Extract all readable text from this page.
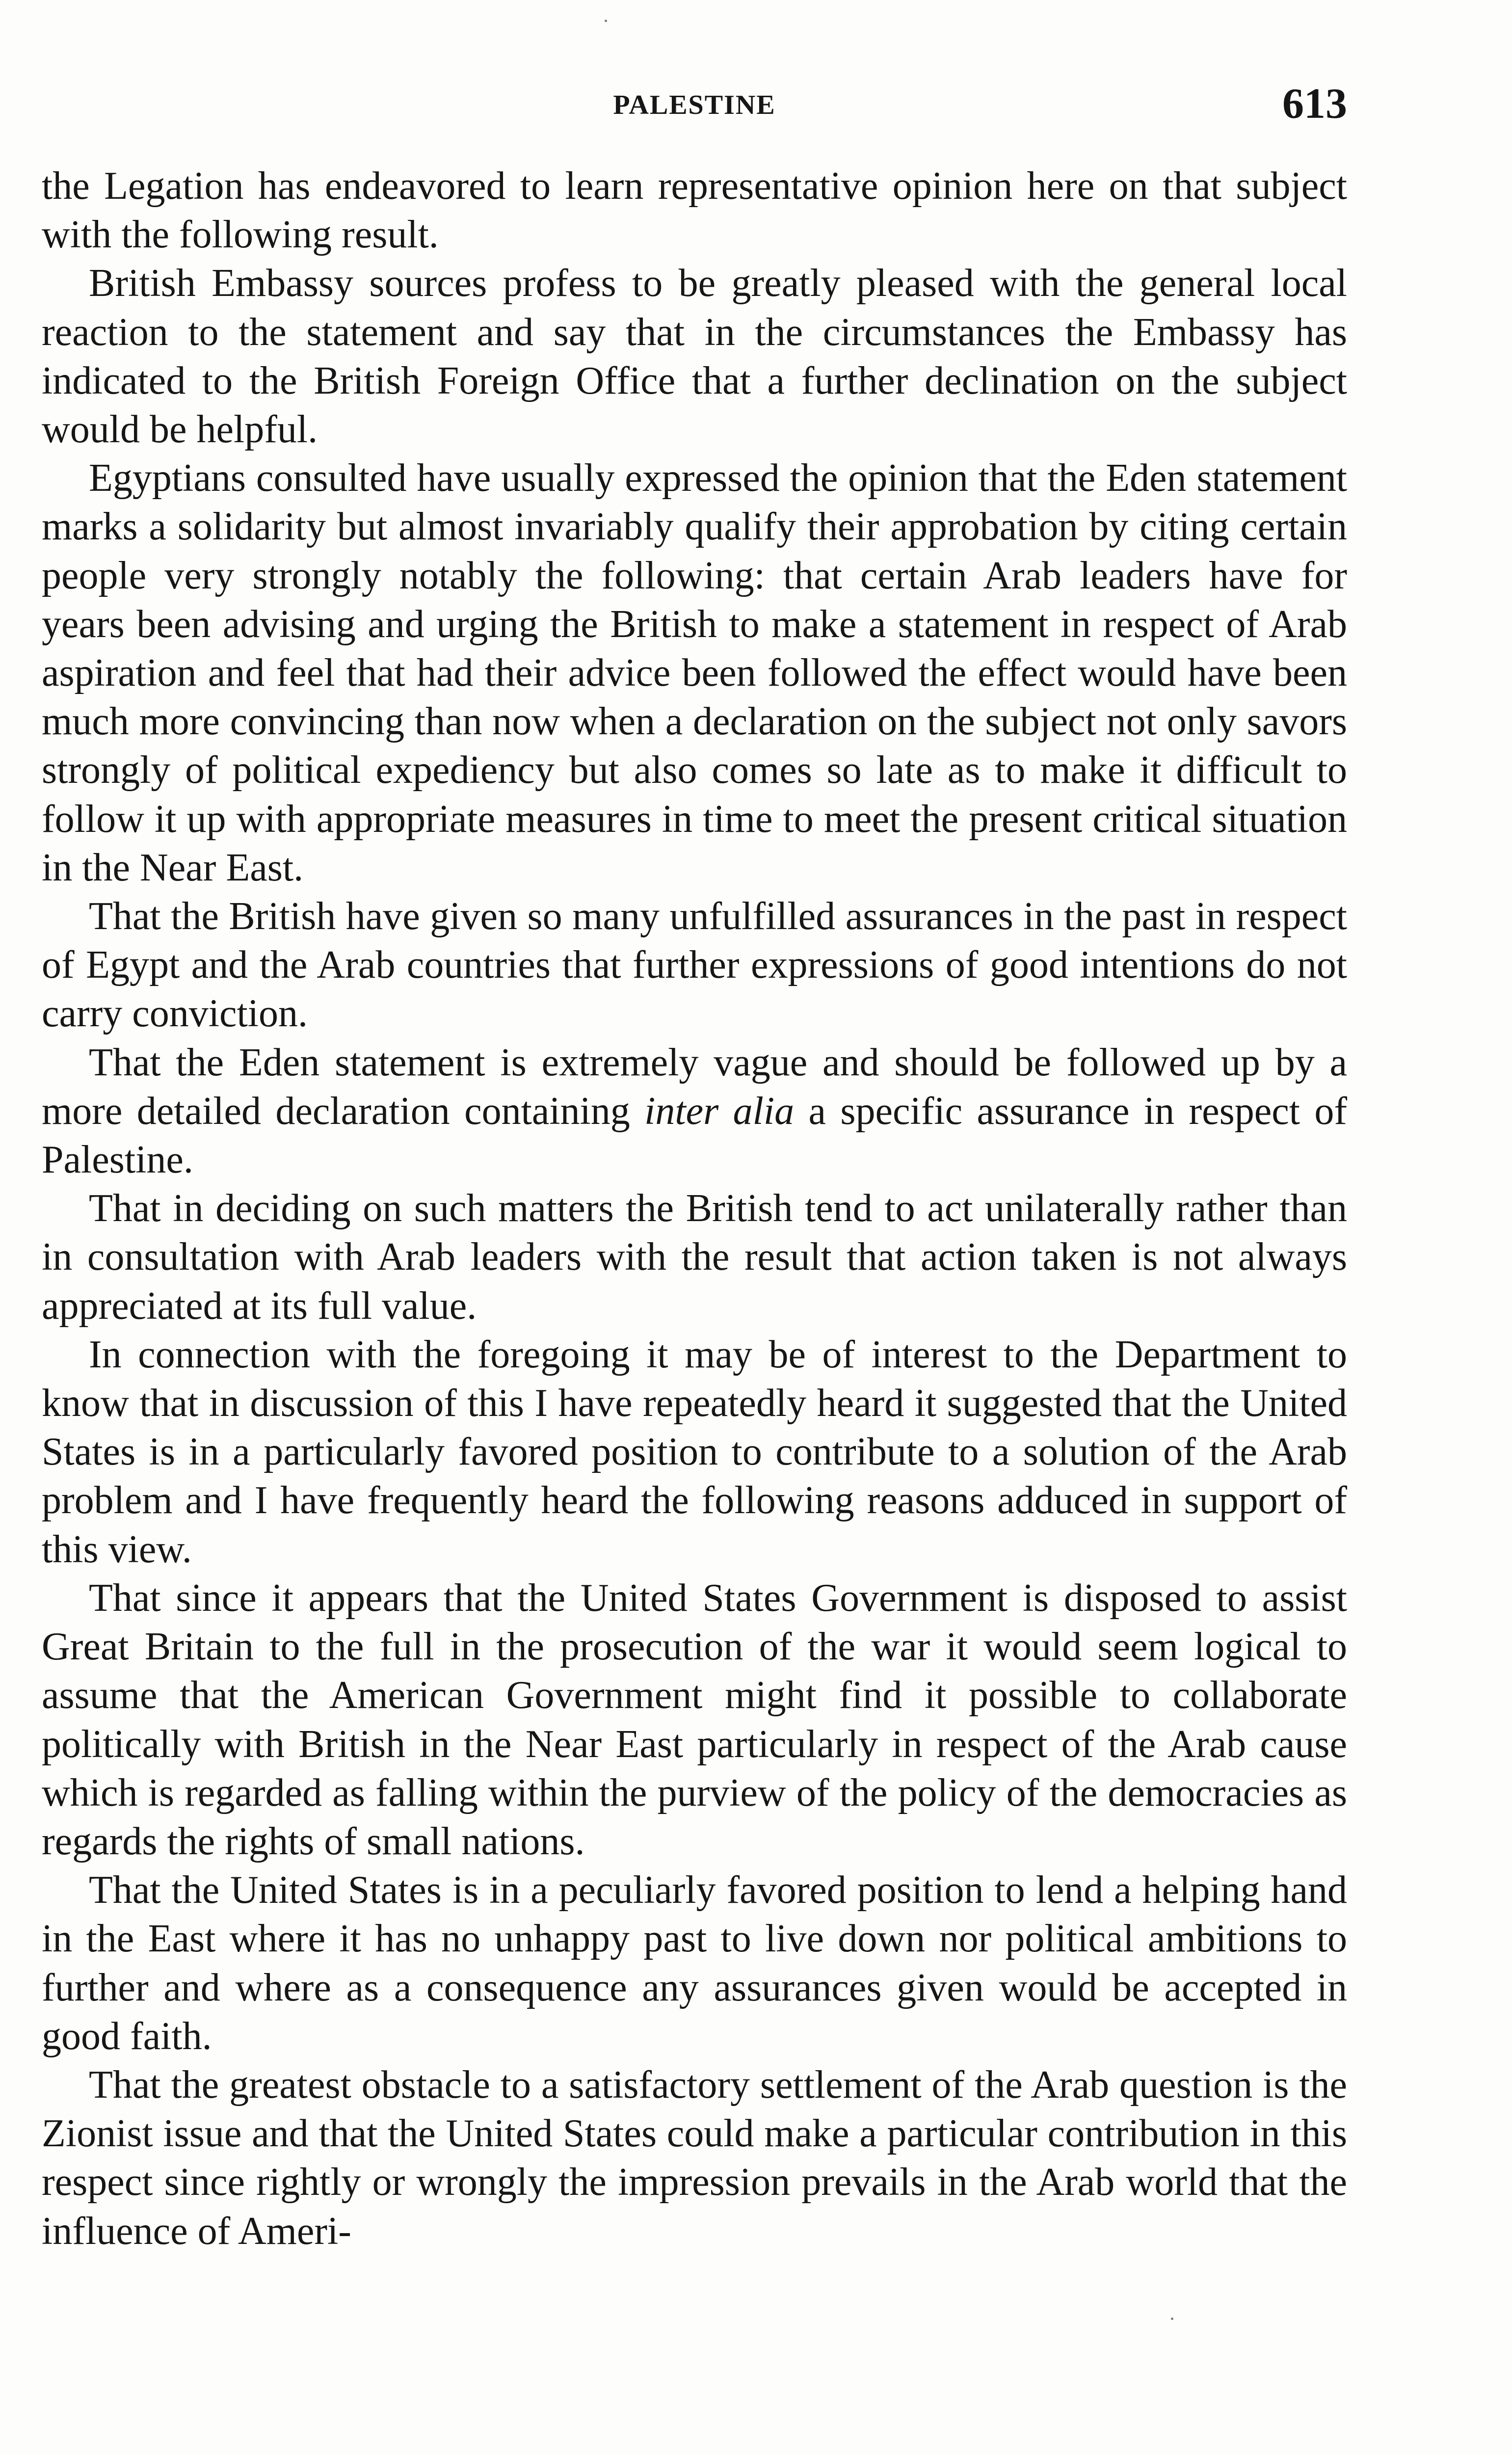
PALESTINE	613

the Legation has endeavored to learn representative opinion here on that subject with the following result.

British Embassy sources profess to be greatly pleased with the general local reaction to the statement and say that in the circumstances the Embassy has indicated to the British Foreign Office that a further declination on the subject would be helpful.

Egyptians consulted have usually expressed the opinion that the Eden statement marks a solidarity but almost invariably qualify their approbation by citing certain people very strongly notably the following: that certain Arab leaders have for years been advising and urging the British to make a statement in respect of Arab aspiration and feel that had their advice been followed the effect would have been much more convincing than now when a declaration on the subject not only savors strongly of political expediency but also comes so late as to make it difficult to follow it up with appropriate measures in time to meet the present critical situation in the Near East.

That the British have given so many unfulfilled assurances in the past in respect of Egypt and the Arab countries that further expressions of good intentions do not carry conviction.

That the Eden statement is extremely vague and should be followed up by a more detailed declaration containing inter alia a specific assurance in respect of Palestine.

That in deciding on such matters the British tend to act unilaterally rather than in consultation with Arab leaders with the result that action taken is not always appreciated at its full value.

In connection with the foregoing it may be of interest to the Department to know that in discussion of this I have repeatedly heard it suggested that the United States is in a particularly favored position to contribute to a solution of the Arab problem and I have frequently heard the following reasons adduced in support of this view.

That since it appears that the United States Government is disposed to assist Great Britain to the full in the prosecution of the war it would seem logical to assume that the American Government might find it possible to collaborate politically with British in the Near East particularly in respect of the Arab cause which is regarded as falling within the purview of the policy of the democracies as regards the rights of small nations.

That the United States is in a peculiarly favored position to lend a helping hand in the East where it has no unhappy past to live down nor political ambitions to further and where as a consequence any assurances given would be accepted in good faith.

That the greatest obstacle to a satisfactory settlement of the Arab question is the Zionist issue and that the United States could make a particular contribution in this respect since rightly or wrongly the impression prevails in the Arab world that the influence of Ameri-
